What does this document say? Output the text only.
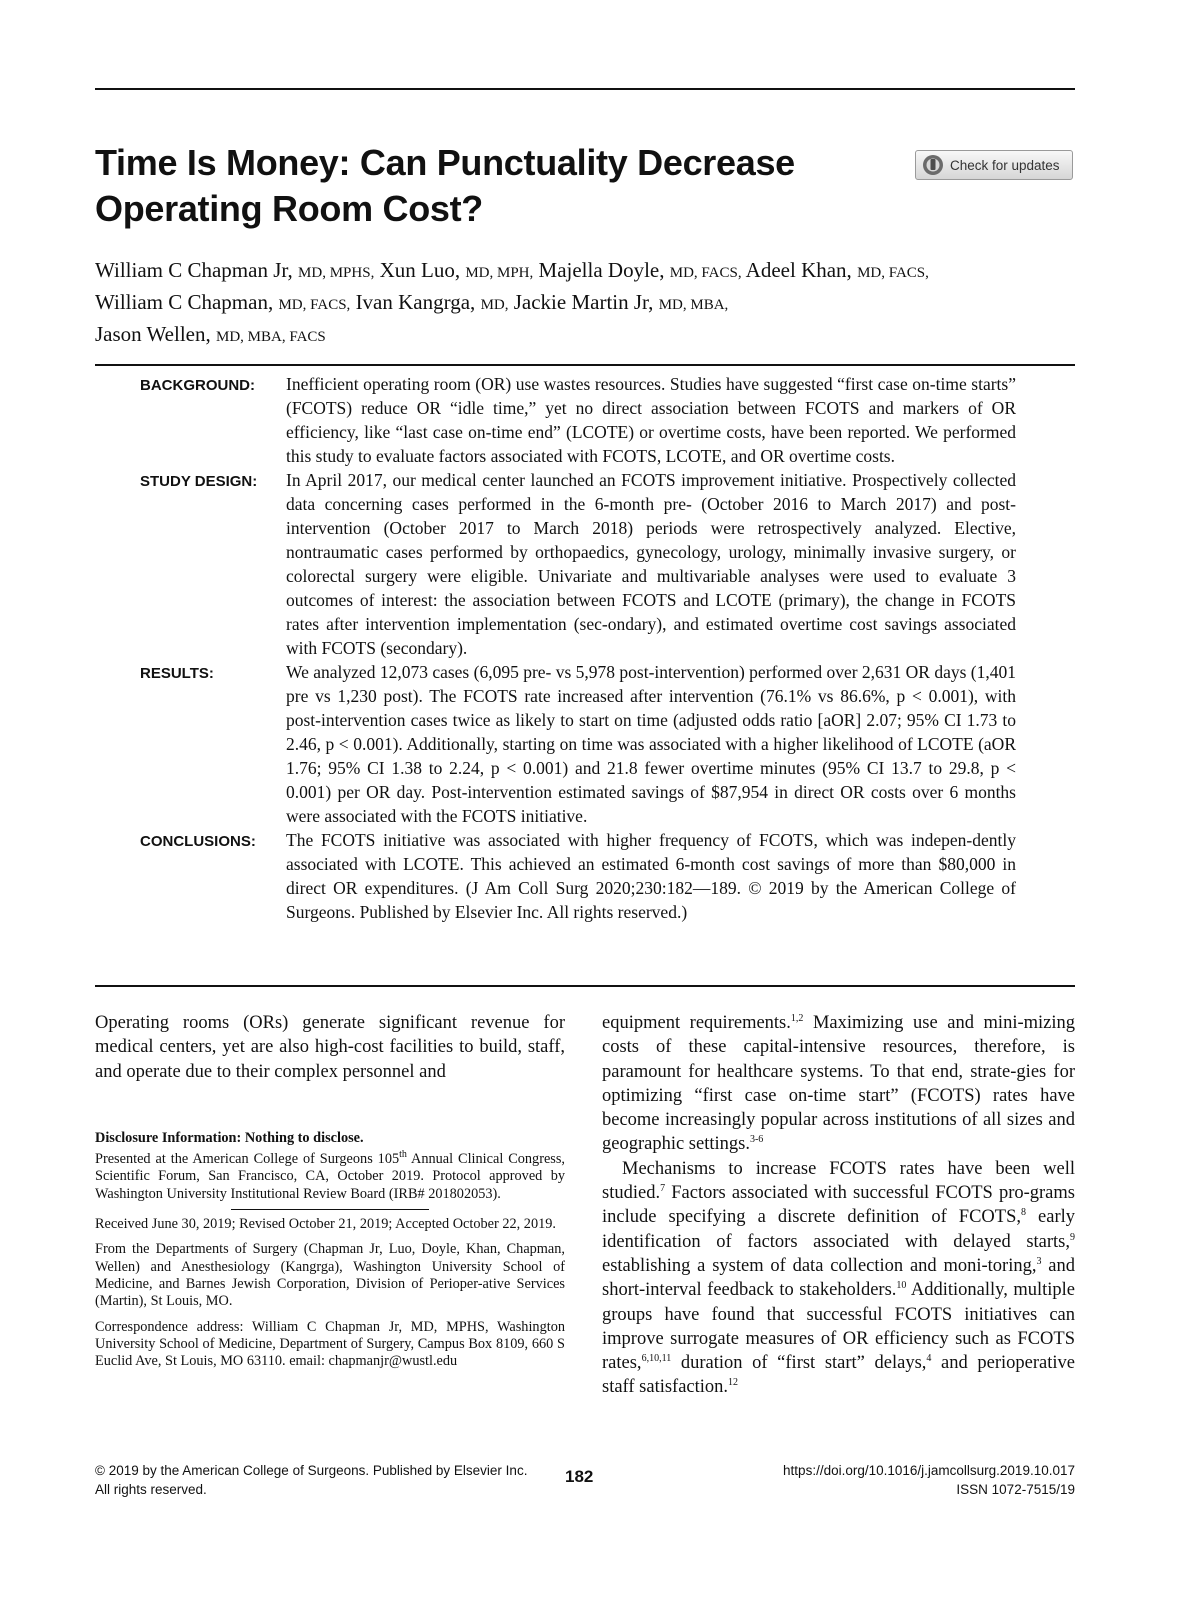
Time Is Money: Can Punctuality Decrease Operating Room Cost?
Check for updates
William C Chapman Jr, MD, MPHS, Xun Luo, MD, MPH, Majella Doyle, MD, FACS, Adeel Khan, MD, FACS,
William C Chapman, MD, FACS, Ivan Kangrga, MD, Jackie Martin Jr, MD, MBA,
Jason Wellen, MD, MBA, FACS
BACKGROUND:	Inefficient operating room (OR) use wastes resources. Studies have suggested “first case on-time starts” (FCOTS) reduce OR “idle time,” yet no direct association between FCOTS and markers of OR efficiency, like “last case on-time end” (LCOTE) or overtime costs, have been reported. We performed this study to evaluate factors associated with FCOTS, LCOTE, and OR overtime costs.
STUDY DESIGN:	In April 2017, our medical center launched an FCOTS improvement initiative. Prospectively collected data concerning cases performed in the 6-month pre- (October 2016 to March 2017) and post-intervention (October 2017 to March 2018) periods were retrospectively analyzed. Elective, nontraumatic cases performed by orthopaedics, gynecology, urology, minimally invasive surgery, or colorectal surgery were eligible. Univariate and multivariable analyses were used to evaluate 3 outcomes of interest: the association between FCOTS and LCOTE (primary), the change in FCOTS rates after intervention implementation (sec-ondary), and estimated overtime cost savings associated with FCOTS (secondary).
RESULTS:	We analyzed 12,073 cases (6,095 pre- vs 5,978 post-intervention) performed over 2,631 OR days (1,401 pre vs 1,230 post). The FCOTS rate increased after intervention (76.1% vs 86.6%, p < 0.001), with post-intervention cases twice as likely to start on time (adjusted odds ratio [aOR] 2.07; 95% CI 1.73 to 2.46, p < 0.001). Additionally, starting on time was associated with a higher likelihood of LCOTE (aOR 1.76; 95% CI 1.38 to 2.24, p < 0.001) and 21.8 fewer overtime minutes (95% CI 13.7 to 29.8, p < 0.001) per OR day. Post-intervention estimated savings of $87,954 in direct OR costs over 6 months were associated with the FCOTS initiative.
CONCLUSIONS:	The FCOTS initiative was associated with higher frequency of FCOTS, which was indepen-dently associated with LCOTE. This achieved an estimated 6-month cost savings of more than $80,000 in direct OR expenditures. (J Am Coll Surg 2020;230:182—189. © 2019 by the American College of Surgeons. Published by Elsevier Inc. All rights reserved.)

Operating rooms (ORs) generate significant revenue for medical centers, yet are also high-cost facilities to build, staff, and operate due to their complex personnel and

Disclosure Information: Nothing to disclose.

Presented at the American College of Surgeons 105th Annual Clinical Congress, Scientific Forum, San Francisco, CA, October 2019. Protocol approved by Washington University Institutional Review Board (IRB# 201802053).

Received June 30, 2019; Revised October 21, 2019; Accepted October 22, 2019.

From the Departments of Surgery (Chapman Jr, Luo, Doyle, Khan, Chapman, Wellen) and Anesthesiology (Kangrga), Washington University School of Medicine, and Barnes Jewish Corporation, Division of Perioper-ative Services (Martin), St Louis, MO.

Correspondence address: William C Chapman Jr, MD, MPHS, Washington University School of Medicine, Department of Surgery, Campus Box 8109, 660 S Euclid Ave, St Louis, MO 63110. email: chapmanjr@wustl.edu

equipment requirements.$^{1,2}$ Maximizing use and mini-mizing costs of these capital-intensive resources, therefore, is paramount for healthcare systems. To that end, strate-gies for optimizing “first case on-time start” (FCOTS) rates have become increasingly popular across institutions of all sizes and geographic settings.$^{3-6}$

Mechanisms to increase FCOTS rates have been well studied.$^7$ Factors associated with successful FCOTS pro-grams include specifying a discrete definition of FCOTS,$^8$ early identification of factors associated with delayed starts,$^9$ establishing a system of data collection and moni-toring,$^3$ and short-interval feedback to stakeholders.$^{10}$ Additionally, multiple groups have found that successful FCOTS initiatives can improve surrogate measures of OR efficiency such as FCOTS rates,$^{6,10,11}$ duration of “first start” delays,$^4$ and perioperative staff satisfaction.$^{12}$

© 2019 by the American College of Surgeons. Published by Elsevier Inc.
All rights reserved.
182	https://doi.org/10.1016/j.jamcollsurg.2019.10.017
ISSN 1072-7515/19
